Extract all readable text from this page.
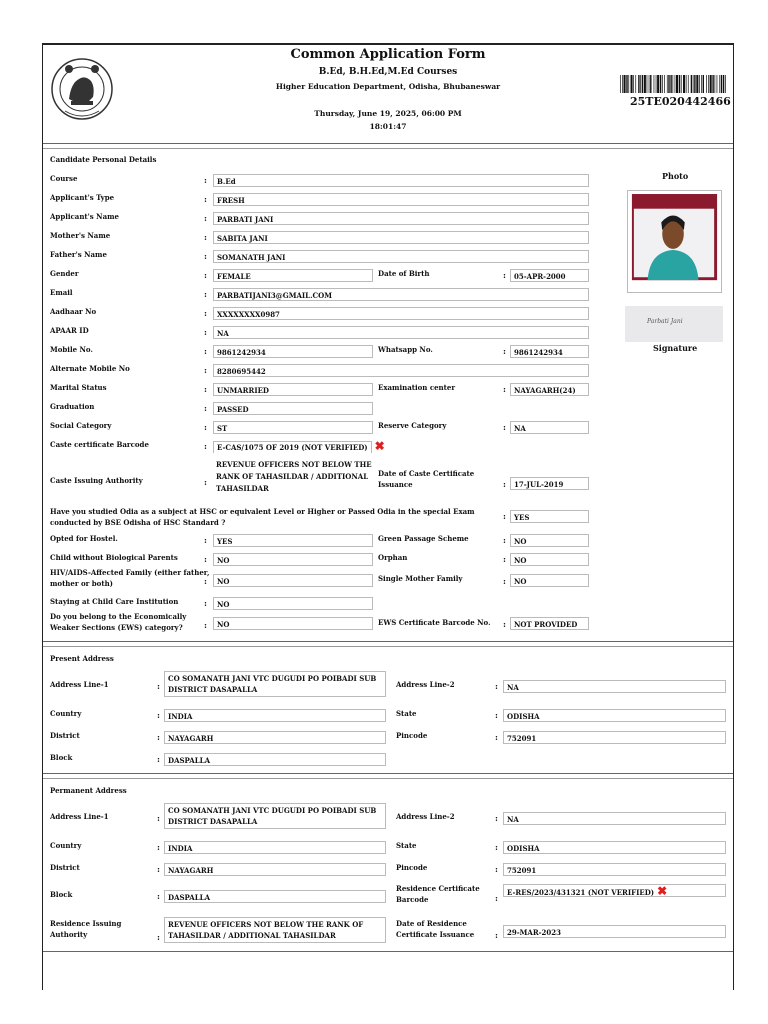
Common Application Form
B.Ed, B.H.Ed,M.Ed Courses
Higher Education Department, Odisha, Bhubaneswar
Thursday, June 19, 2025, 06:00 PM
18:01:47
25TE020442466
Candidate Personal Details
Photo
Parbati Jani
Signature
Course	:	B.Ed
Applicant's Type	:	FRESH
Applicant's Name	:	PARBATI JANI
Mother's Name	:	SABITA JANI
Father's Name	:	SOMANATH JANI
Gender	:	FEMALE	Date of Birth	:	05-APR-2000
Email	:	PARBATIJANI3@GMAIL.COM
Aadhaar No	:	XXXXXXXX0987
APAAR ID	:	NA
Mobile No.	:	9861242934	Whatsapp No.	:	9861242934
Alternate Mobile No	:	8280695442
Marital Status	:	UNMARRIED	Examination center	:	NAYAGARH(24)
Graduation	:	PASSED
Social Category	:	ST	Reserve Category	:	NA
Caste certificate Barcode	:	E-CAS/1075 OF 2019 (NOT VERIFIED) ✖
Caste Issuing Authority	:
REVENUE OFFICERS NOT BELOW THE RANK OF TAHASILDAR / ADDITIONAL TAHASILDAR
Date of Caste Certificate Issuance	:	17-JUL-2019
Have you studied Odia as a subject at HSC or equivalent Level or Higher or Passed Odia in the special Exam conducted by BSE Odisha of HSC Standard ?
:	YES
Opted for Hostel.	:	YES	Green Passage Scheme	:	NO
Child without Biological Parents	:	NO	Orphan	:	NO
HIV/AIDS-Affected Family (either father, mother or both)	:	NO	Single Mother Family	:	NO
Staying at Child Care Institution	:	NO
Do you belong to the Economically Weaker Sections (EWS) category?	:	NO	EWS Certificate Barcode No. :	NOT PROVIDED
Present Address
Address Line-1	:
CO SOMANATH JANI VTC DUGUDI PO POIBADI SUB DISTRICT DASAPALLA
Address Line-2	:	NA
Country	:	INDIA	State	:	ODISHA
District	:	NAYAGARH	Pincode	:	752091
Block	:	DASPALLA
Permanent Address
Address Line-1	:
CO SOMANATH JANI VTC DUGUDI PO POIBADI SUB DISTRICT DASAPALLA
Address Line-2	:	NA
Country	:	INDIA	State	:	ODISHA
District	:	NAYAGARH	Pincode	:	752091
Block	:	DASPALLA
Residence Certificate Barcode	:
E-RES/2023/431321 (NOT VERIFIED) ✖
Residence Issuing Authority	:
REVENUE OFFICERS NOT BELOW THE RANK OF TAHASILDAR / ADDITIONAL TAHASILDAR
Date of Residence Certificate Issuance	:	29-MAR-2023
